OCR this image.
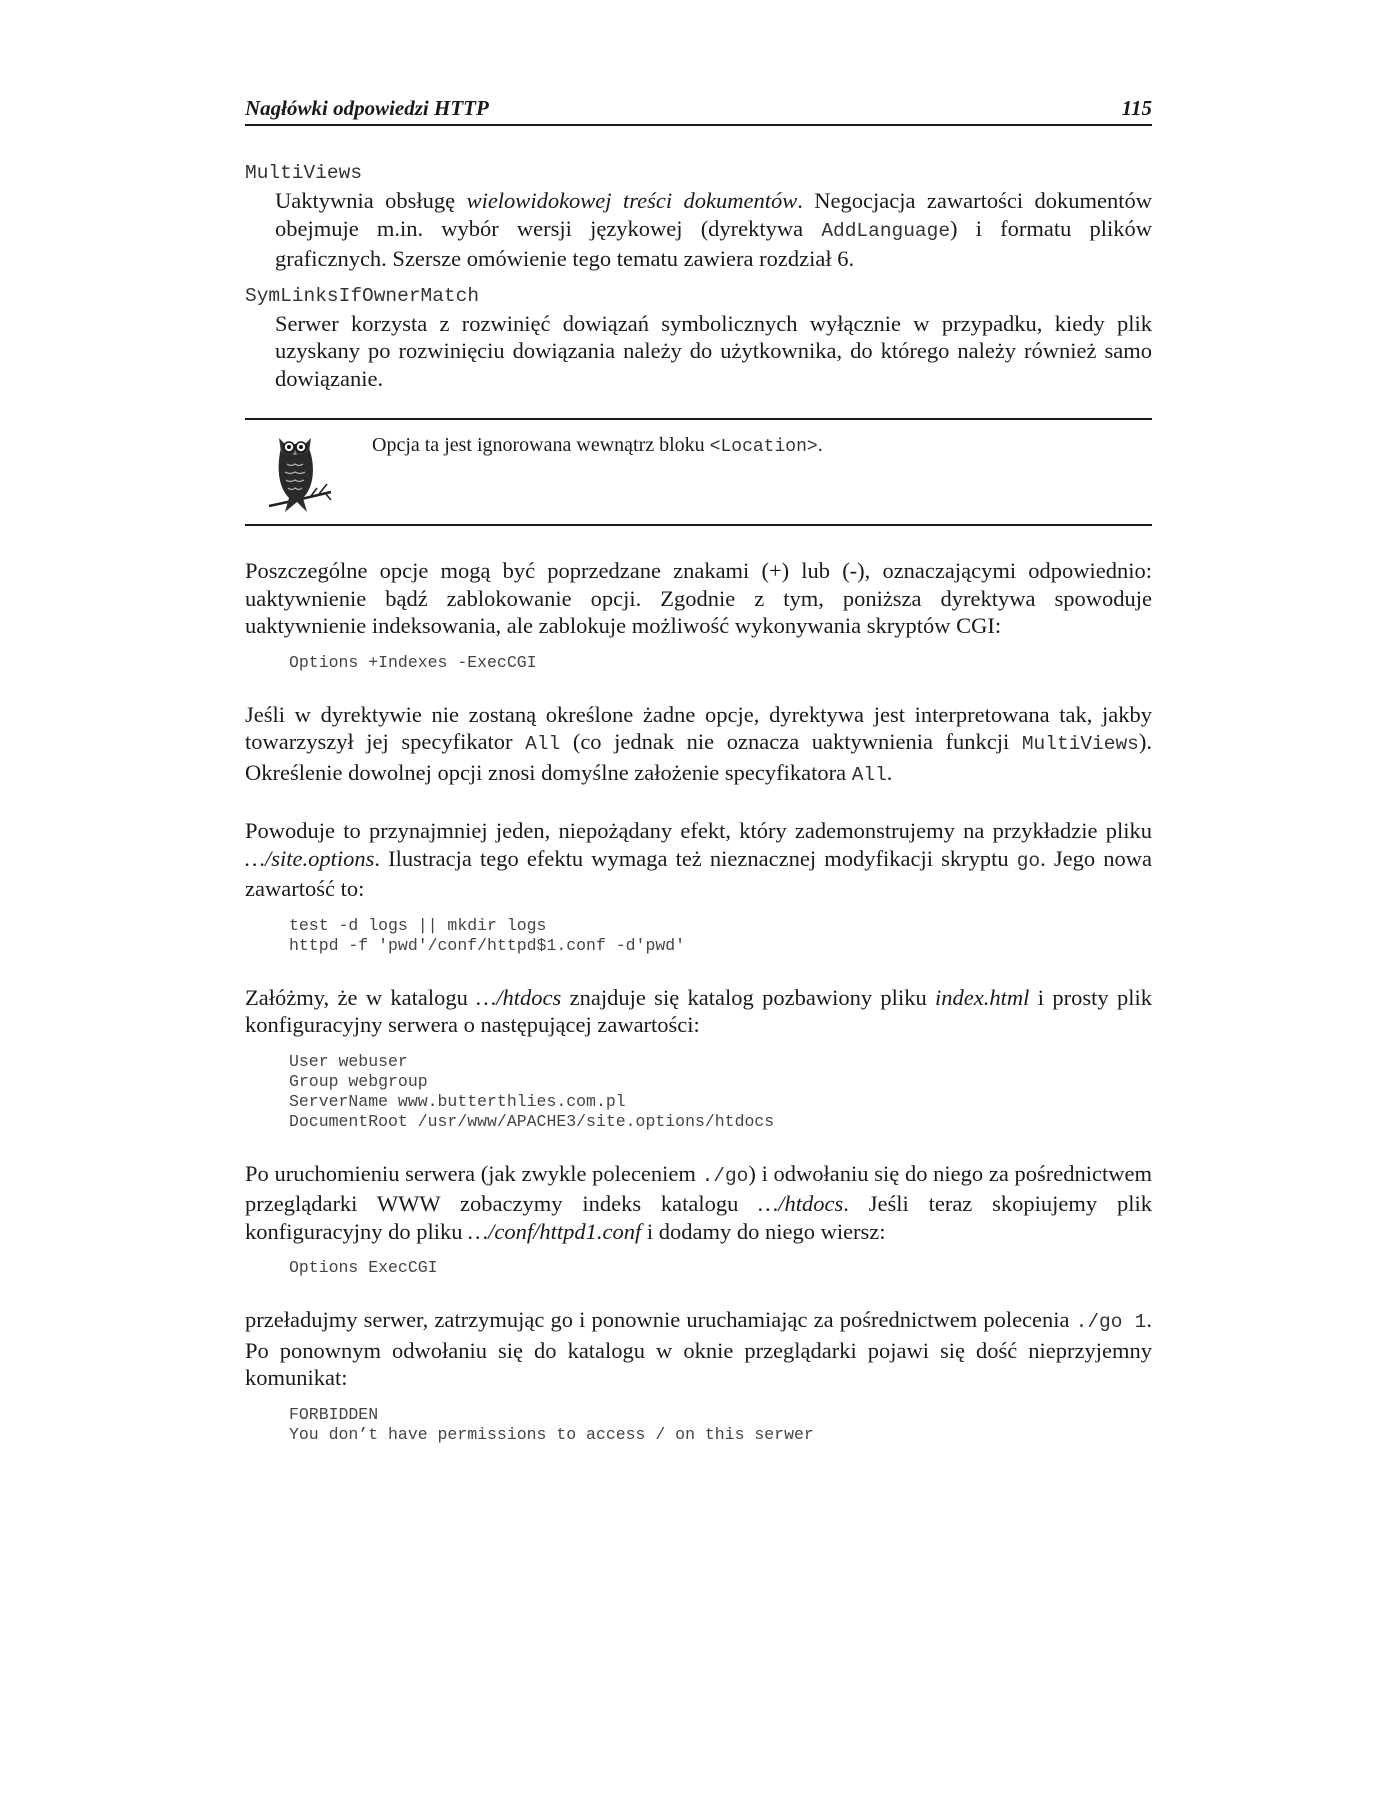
Nagłówki odpowiedzi HTTP	115
MultiViews
Uaktywnia obsługę wielowidokowej treści dokumentów. Negocjacja zawartości dokumentów obejmuje m.in. wybór wersji językowej (dyrektywa AddLanguage) i formatu plików graficznych. Szersze omówienie tego tematu zawiera rozdział 6.
SymLinksIfOwnerMatch
Serwer korzysta z rozwinięć dowiązań symbolicznych wyłącznie w przypadku, kiedy plik uzyskany po rozwinięciu dowiązania należy do użytkownika, do którego należy również samo dowiązanie.
Opcja ta jest ignorowana wewnątrz bloku <Location>.

Poszczególne opcje mogą być poprzedzane znakami (+) lub (-), oznaczającymi odpowiednio: uaktywnienie bądź zablokowanie opcji. Zgodnie z tym, poniższa dyrektywa spowoduje uaktywnienie indeksowania, ale zablokuje możliwość wykonywania skryptów CGI:

Options +Indexes -ExecCGI

Jeśli w dyrektywie nie zostaną określone żadne opcje, dyrektywa jest interpretowana tak, jakby towarzyszył jej specyfikator All (co jednak nie oznacza uaktywnienia funkcji MultiViews). Określenie dowolnej opcji znosi domyślne założenie specyfikatora All.

Powoduje to przynajmniej jeden, niepożądany efekt, który zademonstrujemy na przykładzie pliku …/site.options. Ilustracja tego efektu wymaga też nieznacznej modyfikacji skryptu go. Jego nowa zawartość to:

test -d logs || mkdir logs
httpd -f 'pwd'/conf/httpd$1.conf -d'pwd'

Załóżmy, że w katalogu …/htdocs znajduje się katalog pozbawiony pliku index.html i prosty plik konfiguracyjny serwera o następującej zawartości:

User webuser
Group webgroup
ServerName www.butterthlies.com.pl
DocumentRoot /usr/www/APACHE3/site.options/htdocs

Po uruchomieniu serwera (jak zwykle poleceniem ./go) i odwołaniu się do niego za pośrednictwem przeglądarki WWW zobaczymy indeks katalogu …/htdocs. Jeśli teraz skopiujemy plik konfiguracyjny do pliku …/conf/httpd1.conf i dodamy do niego wiersz:

Options ExecCGI

przeładujmy serwer, zatrzymując go i ponownie uruchamiając za pośrednictwem polecenia ./go 1. Po ponownym odwołaniu się do katalogu w oknie przeglądarki pojawi się dość nieprzyjemny komunikat:

FORBIDDEN
You don’t have permissions to access / on this serwer
